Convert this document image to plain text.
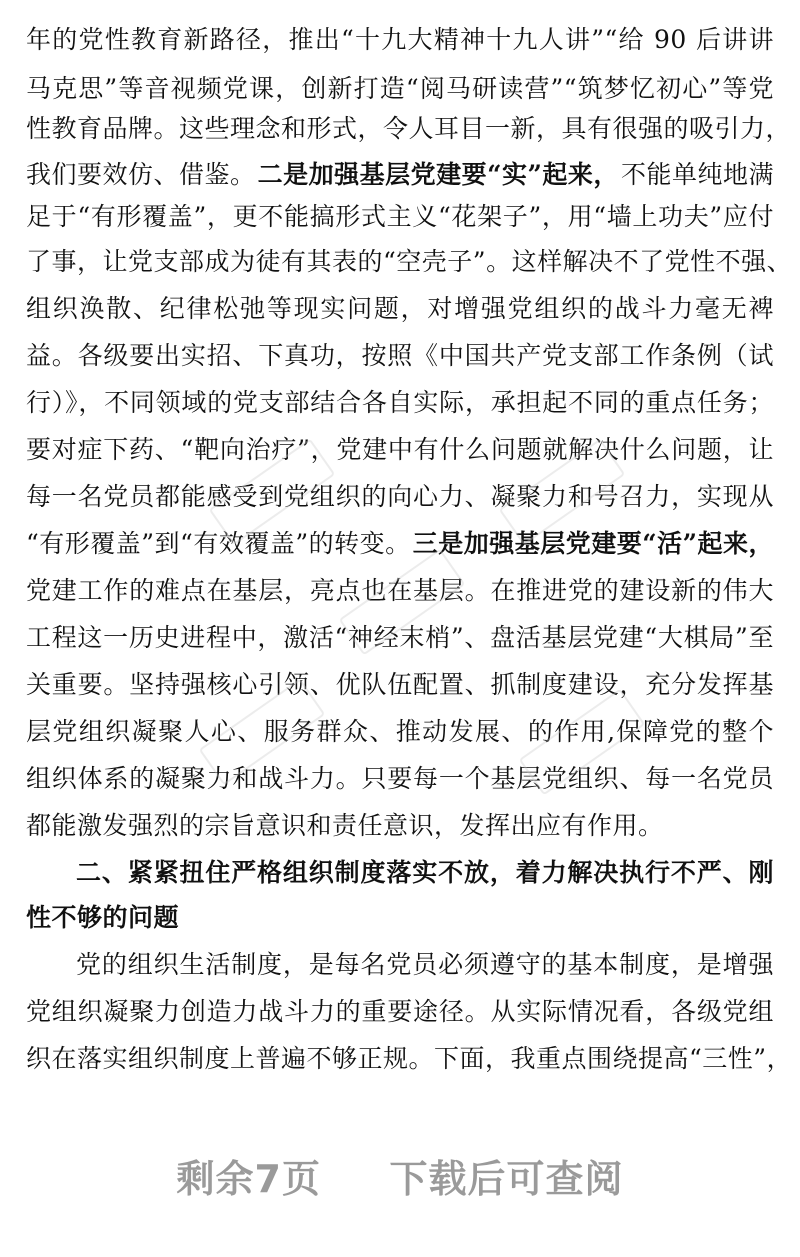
年的党性教育新路径，推出“十九大精神十九人讲”“给 90 后讲讲
马克思”等音视频党课，创新打造“阅马研读营”“筑梦忆初心”等党
性教育品牌。这些理念和形式，令人耳目一新，具有很强的吸引力，
我们要效仿、借鉴。 二是加强基层党建要“实”起来， 不能单纯地满
足于“有形覆盖”，更不能搞形式主义“花架子”，用“墙上功夫”应付
了事，让党支部成为徒有其表的“空壳子”。这样解决不了党性不强、
组织涣散、纪律松弛等现实问题，对增强党组织的战斗力毫无裨
益。各级要出实招、下真功，按照《中国共产党支部工作条例（试
行）》，不同领域的党支部结合各自实际，承担起不同的重点任务；
要对症下药、“靶向治疗”，党建中有什么问题就解决什么问题，让
每一名党员都能感受到党组织的向心力、凝聚力和号召力，实现从
“有形覆盖”到“有效覆盖”的转变。 三是加强基层党建要“活”起来，
党建工作的难点在基层，亮点也在基层。在推进党的建设新的伟大
工程这一历史进程中，激活“神经末梢”、盘活基层党建“大棋局”至
关重要。坚持强核心引领、优队伍配置、抓制度建设，充分发挥基
层党组织凝聚人心、服务群众、推动发展、的作用,保障党的整个
组织体系的凝聚力和战斗力。只要每一个基层党组织、每一名党员
都能激发强烈的宗旨意识和责任意识，发挥出应有作用。
二、紧紧扭住严格组织制度落实不放，着力解决执行不严、刚
性不够的问题
党的组织生活制度，是每名党员必须遵守的基本制度，是增强
党组织凝聚力创造力战斗力的重要途径。从实际情况看，各级党组
织在落实组织制度上普遍不够正规。下面，我重点围绕提高“三性”，
剩余7页 下载后可查阅
